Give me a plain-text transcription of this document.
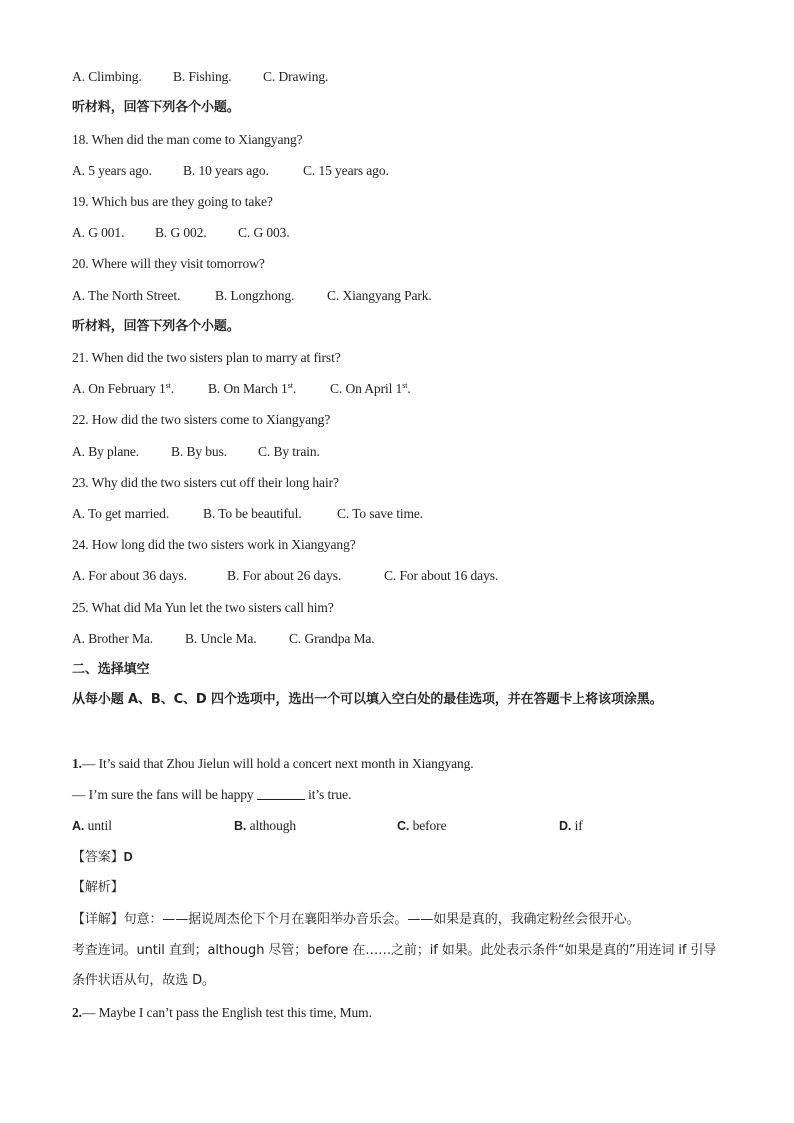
A. Climbing. B. Fishing. C. Drawing.
听材料，回答下列各个小题。
18. When did the man come to Xiangyang?
A. 5 years ago. B. 10 years ago.	C. 15 years ago.
19. Which bus are they going to take?
A. G 001. B. G 002. C. G 003.
20. Where will they visit tomorrow?
A. The North Street.	B. Longzhong. C. Xiangyang Park.
听材料，回答下列各个小题。
21. When did the two sisters plan to marry at first?
A. On February 1st.	B. On March 1st.	C. On April 1st.
22. How did the two sisters come to Xiangyang?
A. By plane. B. By bus. C. By train.
23. Why did the two sisters cut off their long hair?
A. To get married.	B. To be beautiful.	C. To save time.
24. How long did the two sisters work in Xiangyang?
A. For about 36 days.	B. For about 26 days.	C. For about 16 days.
25. What did Ma Yun let the two sisters call him?
A. Brother Ma. B. Uncle Ma. C. Grandpa Ma.
二、选择填空
从每小题 A、B、C、D 四个选项中，选出一个可以填入空白处的最佳选项，并在答题卡上将该项涂黑。
1.— It’s said that Zhou Jielun will hold a concert next month in Xiangyang.
— I’m sure the fans will be happy	it’s true.
A. until	B. although	C. before	D. if
【答案】D
【解析】
【详解】句意：——据说周杰伦下个月在襄阳举办音乐会。——如果是真的，我确定粉丝会很开心。
考查连词。until 直到；although 尽管；before 在……之前；if 如果。此处表示条件“如果是真的”用连词 if 引导条件状语从句，故选 D。
2.— Maybe I can’t pass the English test this time, Mum.
